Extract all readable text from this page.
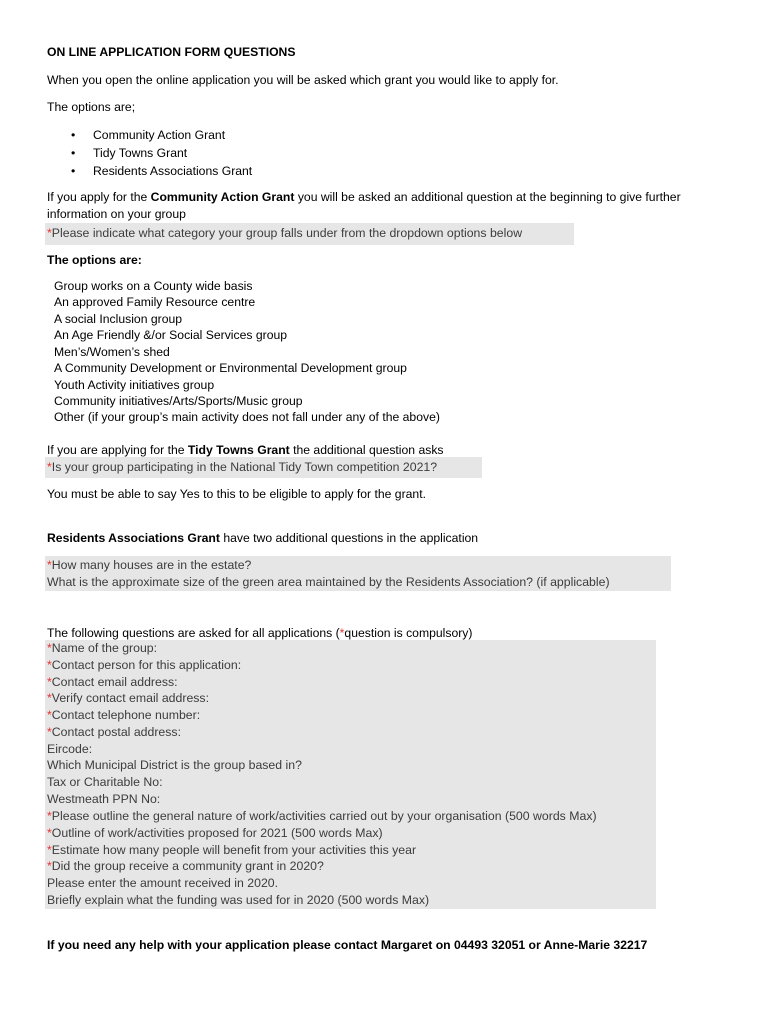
ON LINE APPLICATION FORM QUESTIONS
When you open the online application you will be asked which grant you would like to apply for.
The options are;
• Community Action Grant
• Tidy Towns Grant
• Residents Associations Grant
If you apply for the Community Action Grant you will be asked an additional question at the beginning to give further information on your group
*Please indicate what category your group falls under from the dropdown options below
The options are:
Group works on a County wide basis
An approved Family Resource centre
A social Inclusion group
An Age Friendly &/or Social Services group
Men’s/Women’s shed
A Community Development or Environmental Development group
Youth Activity initiatives group
Community initiatives/Arts/Sports/Music group
Other (if your group’s main activity does not fall under any of the above)
If you are applying for the Tidy Towns Grant the additional question asks
*Is your group participating in the National Tidy Town competition 2021?
You must be able to say Yes to this to be eligible to apply for the grant.
Residents Associations Grant have two additional questions in the application
*How many houses are in the estate?
What is the approximate size of the green area maintained by the Residents Association? (if applicable)
The following questions are asked for all applications (*question is compulsory)
*Name of the group:
*Contact person for this application:
*Contact email address:
*Verify contact email address:
*Contact telephone number:
*Contact postal address:
Eircode:
Which Municipal District is the group based in?
Tax or Charitable No:
Westmeath PPN No:
*Please outline the general nature of work/activities carried out by your organisation (500 words Max)
*Outline of work/activities proposed for 2021 (500 words Max)
*Estimate how many people will benefit from your activities this year
*Did the group receive a community grant in 2020?
Please enter the amount received in 2020.
Briefly explain what the funding was used for in 2020 (500 words Max)
If you need any help with your application please contact Margaret on 04493 32051 or Anne-Marie 32217
